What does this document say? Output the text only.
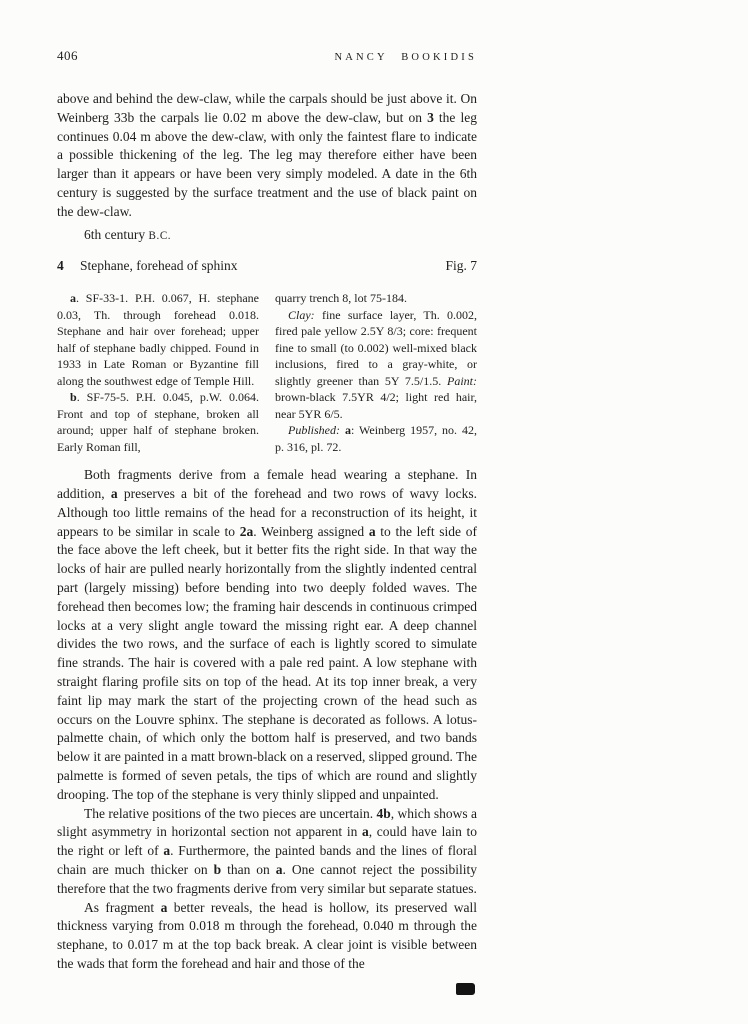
406	NANCY BOOKIDIS

above and behind the dew-claw, while the carpals should be just above it. On Weinberg 33b the carpals lie 0.02 m above the dew-claw, but on 3 the leg continues 0.04 m above the dew-claw, with only the faintest flare to indicate a possible thickening of the leg. The leg may therefore either have been larger than it appears or have been very simply modeled. A date in the 6th century is suggested by the surface treatment and the use of black paint on the dew-claw.

6th century B.C.

4	Stephane, forehead of sphinx	Fig. 7

a. SF-33-1. P.H. 0.067, H. stephane 0.03, Th. through forehead 0.018. Stephane and hair over forehead; upper half of stephane badly chipped. Found in 1933 in Late Roman or Byzantine fill along the southwest edge of Temple Hill.

b. SF-75-5. P.H. 0.045, p.W. 0.064. Front and top of stephane, broken all around; upper half of stephane broken. Early Roman fill,

quarry trench 8, lot 75-184.

Clay: fine surface layer, Th. 0.002, fired pale yellow 2.5Y 8/3; core: frequent fine to small (to 0.002) well-mixed black inclusions, fired to a gray-white, or slightly greener than 5Y 7.5/1.5. Paint: brown-black 7.5YR 4/2; light red hair, near 5YR 6/5.

Published: a: Weinberg 1957, no. 42, p. 316, pl. 72.

Both fragments derive from a female head wearing a stephane. In addition, a preserves a bit of the forehead and two rows of wavy locks. Although too little remains of the head for a reconstruction of its height, it appears to be similar in scale to 2a. Weinberg assigned a to the left side of the face above the left cheek, but it better fits the right side. In that way the locks of hair are pulled nearly horizontally from the slightly indented central part (largely missing) before bending into two deeply folded waves. The forehead then becomes low; the framing hair descends in continuous crimped locks at a very slight angle toward the missing right ear. A deep channel divides the two rows, and the surface of each is lightly scored to simulate fine strands. The hair is covered with a pale red paint. A low stephane with straight flaring profile sits on top of the head. At its top inner break, a very faint lip may mark the start of the projecting crown of the head such as occurs on the Louvre sphinx. The stephane is decorated as follows. A lotus-palmette chain, of which only the bottom half is preserved, and two bands below it are painted in a matt brown-black on a reserved, slipped ground. The palmette is formed of seven petals, the tips of which are round and slightly drooping. The top of the stephane is very thinly slipped and unpainted.

The relative positions of the two pieces are uncertain. 4b, which shows a slight asymmetry in horizontal section not apparent in a, could have lain to the right or left of a. Furthermore, the painted bands and the lines of floral chain are much thicker on b than on a. One cannot reject the possibility therefore that the two fragments derive from very similar but separate statues.

As fragment a better reveals, the head is hollow, its preserved wall thickness varying from 0.018 m through the forehead, 0.040 m through the stephane, to 0.017 m at the top back break. A clear joint is visible between the wads that form the forehead and hair and those of the
